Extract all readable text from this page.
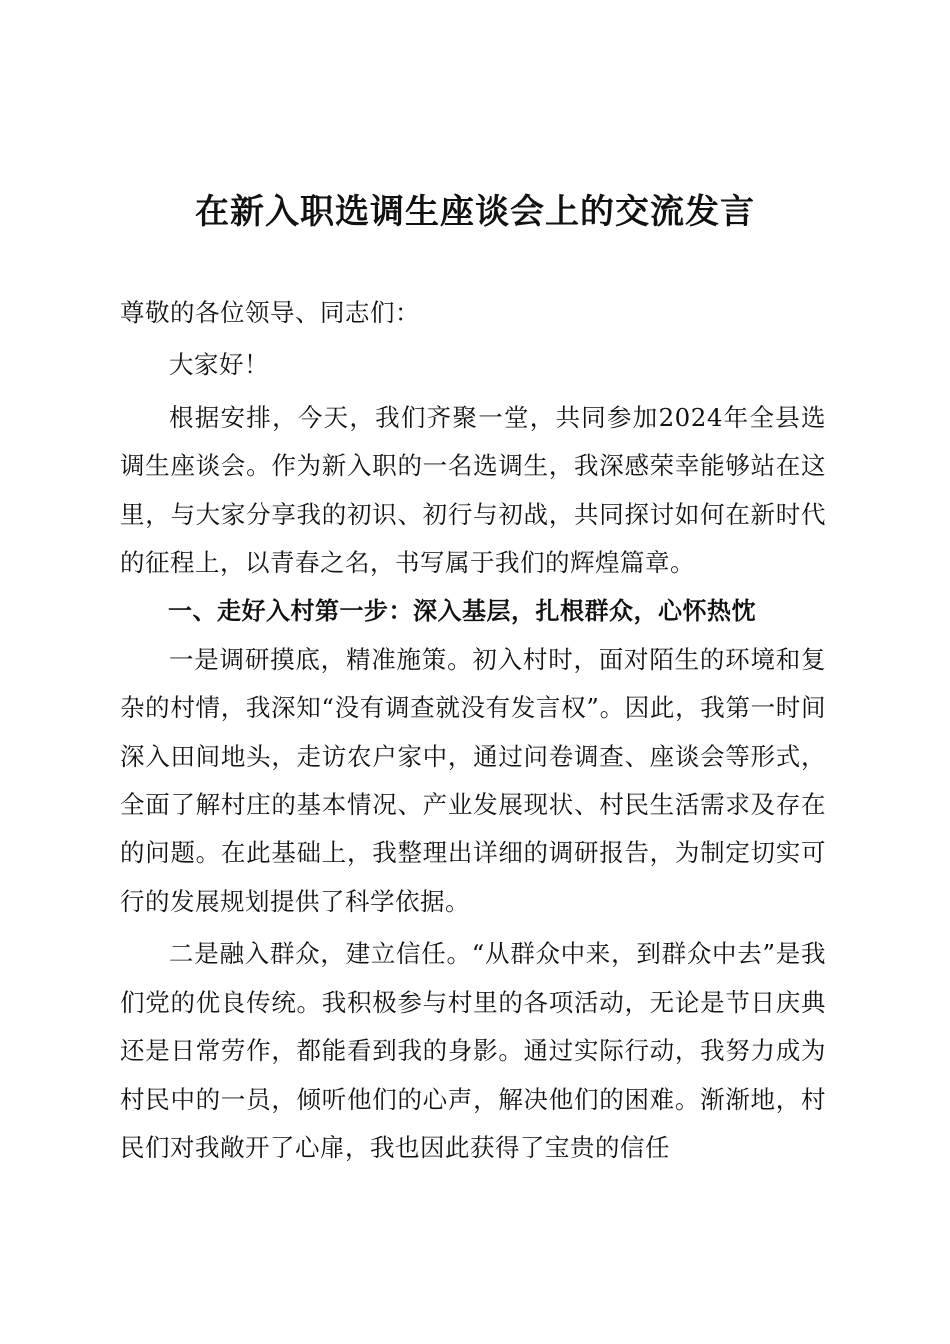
在新入职选调生座谈会上的交流发言

尊敬的各位领导、同志们：

大家好！

根据安排，今天，我们齐聚一堂，共同参加2024年全县选调生座谈会。作为新入职的一名选调生，我深感荣幸能够站在这里，与大家分享我的初识、初行与初战，共同探讨如何在新时代的征程上，以青春之名，书写属于我们的辉煌篇章。

一、走好入村第一步：深入基层，扎根群众，心怀热忱

一是调研摸底，精准施策。初入村时，面对陌生的环境和复杂的村情，我深知“没有调查就没有发言权”。因此，我第一时间深入田间地头，走访农户家中，通过问卷调查、座谈会等形式，全面了解村庄的基本情况、产业发展现状、村民生活需求及存在的问题。在此基础上，我整理出详细的调研报告，为制定切实可行的发展规划提供了科学依据。

二是融入群众，建立信任。“从群众中来，到群众中去”是我们党的优良传统。我积极参与村里的各项活动，无论是节日庆典还是日常劳作，都能看到我的身影。通过实际行动，我努力成为村民中的一员，倾听他们的心声，解决他们的困难。渐渐地，村民们对我敞开了心扉，我也因此获得了宝贵的信任
